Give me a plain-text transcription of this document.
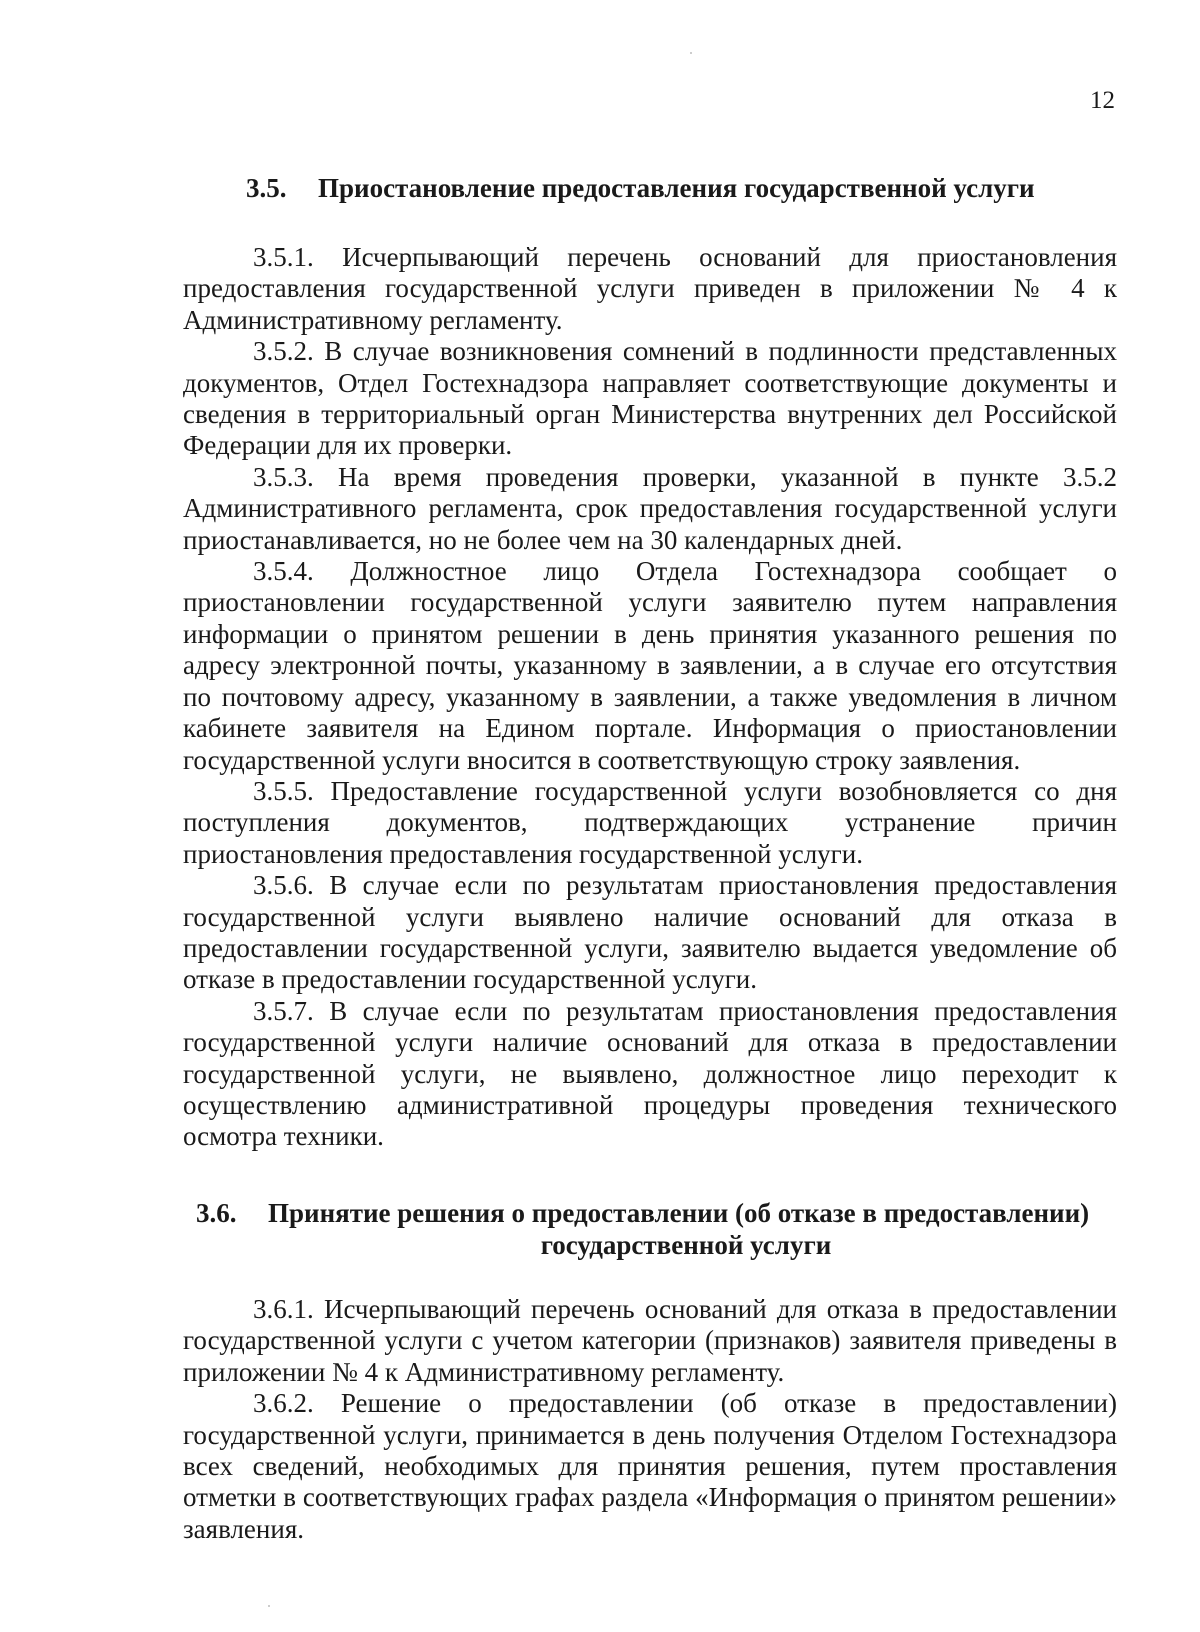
12
3.5. Приостановление предоставления государственной услуги

3.5.1. Исчерпывающий перечень оснований для приостановления предоставления государственной услуги приведен в приложении № 4 к Административному регламенту.

3.5.2. В случае возникновения сомнений в подлинности представленных документов, Отдел Гостехнадзора направляет соответствующие документы и сведения в территориальный орган Министерства внутренних дел Российской Федерации для их проверки.

3.5.3. На время проведения проверки, указанной в пункте 3.5.2 Административного регламента, срок предоставления государственной услуги приостанавливается, но не более чем на 30 календарных дней.

3.5.4. Должностное лицо Отдела Гостехнадзора сообщает о приостановлении государственной услуги заявителю путем направления информации о принятом решении в день принятия указанного решения по адресу электронной почты, указанному в заявлении, а в случае его отсутствия по почтовому адресу, указанному в заявлении, а также уведомления в личном кабинете заявителя на Едином портале. Информация о приостановлении государственной услуги вносится в соответствующую строку заявления.

3.5.5. Предоставление государственной услуги возобновляется со дня поступления документов, подтверждающих устранение причин приостановления предоставления государственной услуги.

3.5.6. В случае если по результатам приостановления предоставления государственной услуги выявлено наличие оснований для отказа в предоставлении государственной услуги, заявителю выдается уведомление об отказе в предоставлении государственной услуги.

3.5.7. В случае если по результатам приостановления предоставления государственной услуги наличие оснований для отказа в предоставлении государственной услуги, не выявлено, должностное лицо переходит к осуществлению административной процедуры проведения технического осмотра техники.

3.6. Принятие решения о предоставлении (об отказе в предоставлении)
государственной услуги

3.6.1. Исчерпывающий перечень оснований для отказа в предоставлении государственной услуги с учетом категории (признаков) заявителя приведены в приложении № 4 к Административному регламенту.

3.6.2. Решение о предоставлении (об отказе в предоставлении) государственной услуги, принимается в день получения Отделом Гостехнадзора всех сведений, необходимых для принятия решения, путем проставления отметки в соответствующих графах раздела «Информация о принятом решении» заявления.
